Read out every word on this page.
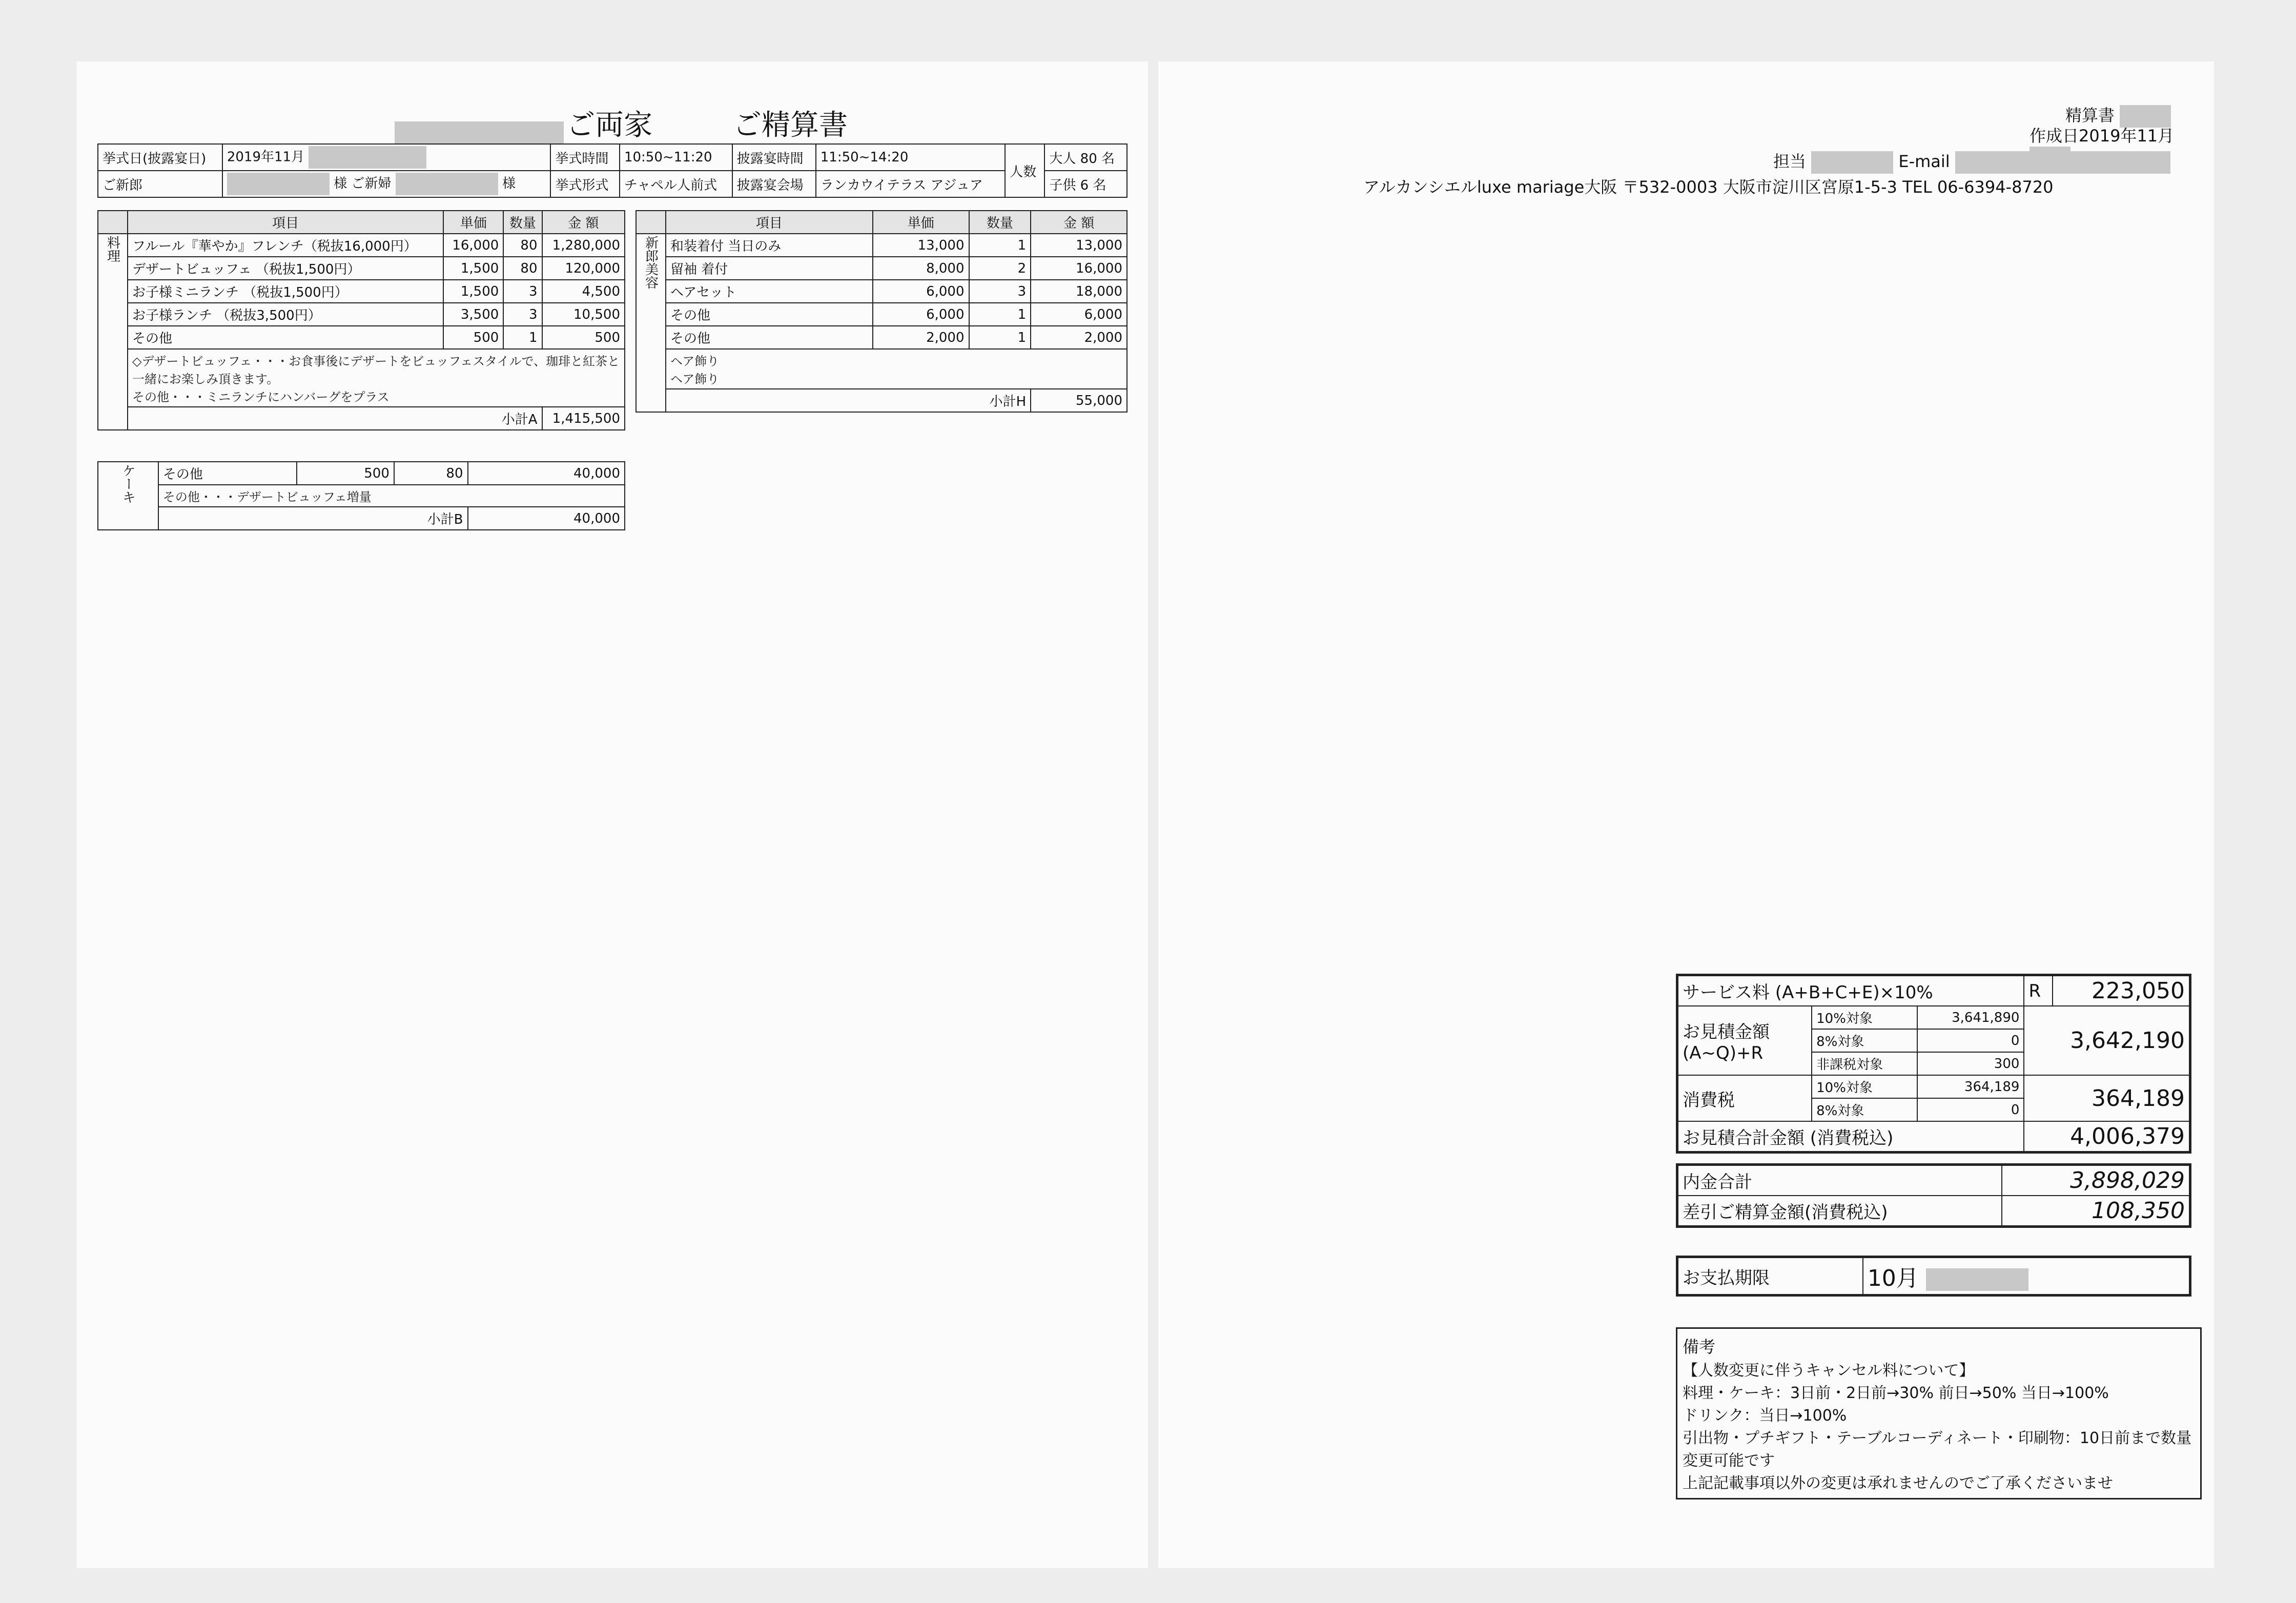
ご両家	ご精算書
挙式日(披露宴日)	2019年11月	挙式時間	10:50~11:20	披露宴時間	11:50~14:20	人数	大人 80 名
ご新郎	様 ご新婦 様	挙式形式	チャペル人前式	披露宴会場	ランカウイテラス アジュア		子供 6 名
	項目	単価	数量	金 額
料理	フルール『華やか』フレンチ（税抜16,000円）	16,000	80	1,280,000
	デザートビュッフェ （税抜1,500円）	1,500	80	120,000
	お子様ミニランチ （税抜1,500円）	1,500	3	4,500
	お子様ランチ （税抜3,500円）	3,500	3	10,500
	その他	500	1	500

	◇デザートビュッフェ・・・お食事後にデザートをビュッフェスタイルで、珈琲と紅茶と一緒にお楽しみ頂きます。
その他・・・ミニランチにハンバーグをプラス			

	小計A			1,415,500
ケーキ	その他	500	80	40,000

	その他・・・デザートビュッフェ増量			

	小計B			40,000
	項目	単価	数量	金 額
新郎美容	和装着付 当日のみ	13,000	1	13,000
	留袖 着付	8,000	2	16,000
	ヘアセット	6,000	3	18,000
	その他	6,000	1	6,000
	その他	2,000	1	2,000

	ヘア飾り
ヘア飾り			

	小計H			55,000
精算書
作成日2019年11月
担当	E-mail
アルカンシエルluxe mariage大阪 〒532-0003 大阪市淀川区宮原1-5-3 TEL 06-6394-8720
サービス料 (A+B+C+E)×10%			R	223,050

お見積金額
(A~Q)+R	10%対象	3,641,890	3,642,190	
	8%対象	0		
	非課税対象	300		
消費税	10%対象	364,189	364,189	
	8%対象	0		
お見積合計金額 (消費税込)			4,006,379	
内金合計	3,898,029
差引ご精算金額(消費税込)	108,350
お支払期限	10月
備考
【人数変更に伴うキャンセル料について】
料理・ケーキ：3日前・2日前→30% 前日→50% 当日→100%
ドリンク：当日→100%
引出物・プチギフト・テーブルコーディネート・印刷物：10日前まで数量変更可能です
上記記載事項以外の変更は承れませんのでご了承くださいませ
